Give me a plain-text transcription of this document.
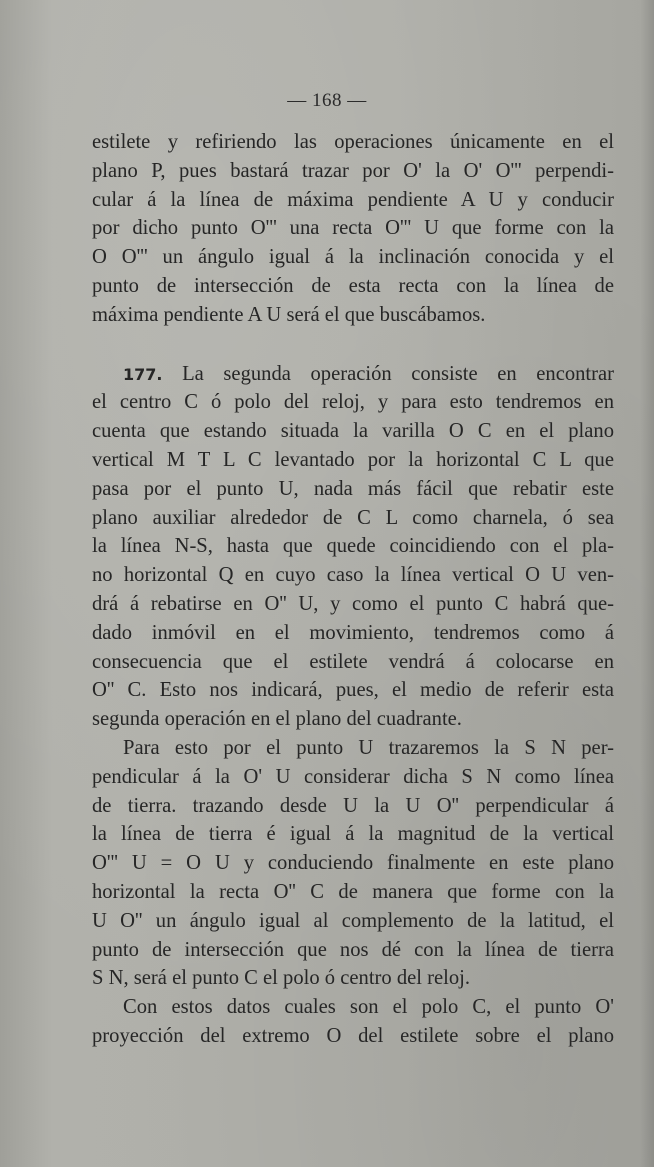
— 168 —
estilete y refiriendo las operaciones únicamente en el
plano P, pues bastará trazar por O' la O' O''' perpendi-
cular á la línea de máxima pendiente A U y conducir
por dicho punto O''' una recta O''' U que forme con la
O O''' un ángulo igual á la inclinación conocida y el
punto de intersección de esta recta con la línea de
máxima pendiente A U será el que buscábamos.
177. La segunda operación consiste en encontrar
el centro C ó polo del reloj, y para esto tendremos en
cuenta que estando situada la varilla O C en el plano
vertical M T L C levantado por la horizontal C L que
pasa por el punto U, nada más fácil que rebatir este
plano auxiliar alrededor de C L como charnela, ó sea
la línea N-S, hasta que quede coincidiendo con el pla-
no horizontal Q en cuyo caso la línea vertical O U ven-
drá á rebatirse en O'' U, y como el punto C habrá que-
dado inmóvil en el movimiento, tendremos como á
consecuencia que el estilete vendrá á colocarse en
O'' C. Esto nos indicará, pues, el medio de referir esta
segunda operación en el plano del cuadrante.
Para esto por el punto U trazaremos la S N per-
pendicular á la O' U considerar dicha S N como línea
de tierra. trazando desde U la U O'' perpendicular á
la línea de tierra é igual á la magnitud de la vertical
O''' U = O U y conduciendo finalmente en este plano
horizontal la recta O'' C de manera que forme con la
U O'' un ángulo igual al complemento de la latitud, el
punto de intersección que nos dé con la línea de tierra
S N, será el punto C el polo ó centro del reloj.
Con estos datos cuales son el polo C, el punto O'
proyección del extremo O del estilete sobre el plano
